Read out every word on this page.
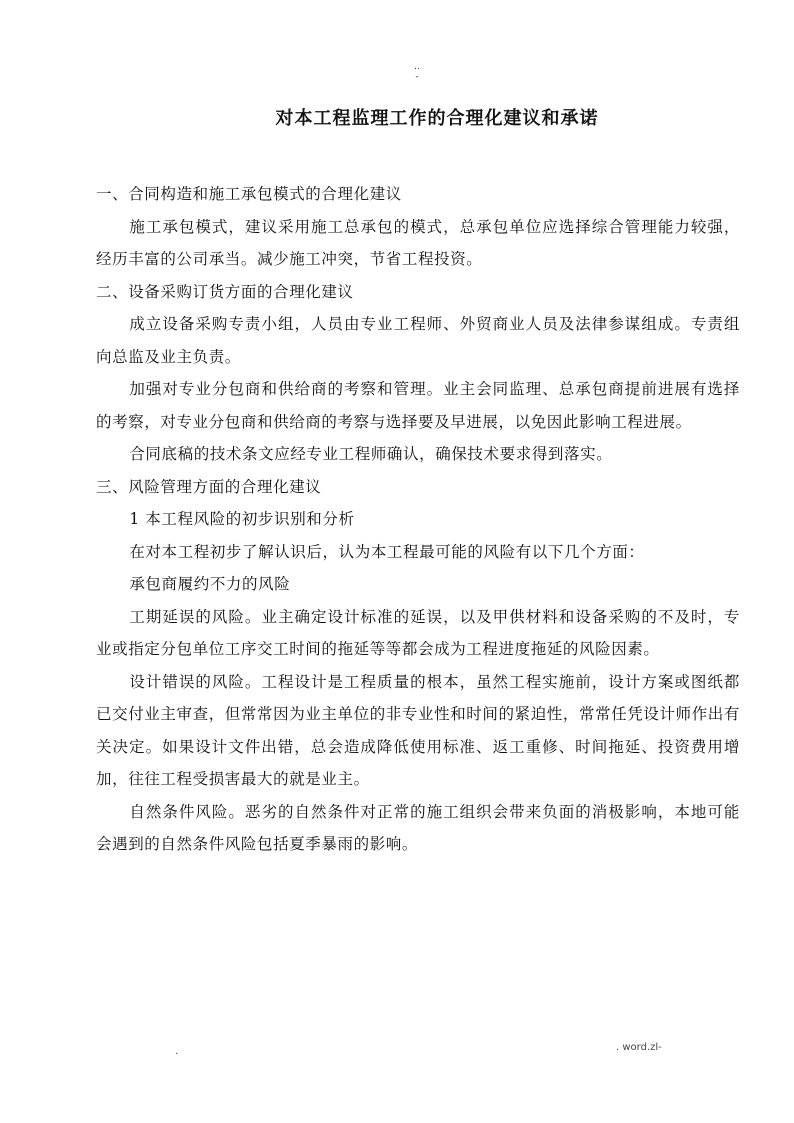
..
-
对本工程监理工作的合理化建议和承诺

一、合同构造和施工承包模式的合理化建议

施工承包模式，建议采用施工总承包的模式，总承包单位应选择综合管理能力较强，经历丰富的公司承当。减少施工冲突，节省工程投资。

二、设备采购订货方面的合理化建议

成立设备采购专责小组，人员由专业工程师、外贸商业人员及法律参谋组成。专责组向总监及业主负责。

加强对专业分包商和供给商的考察和管理。业主会同监理、总承包商提前进展有选择的考察，对专业分包商和供给商的考察与选择要及早进展，以免因此影响工程进展。

合同底稿的技术条文应经专业工程师确认，确保技术要求得到落实。

三、风险管理方面的合理化建议

1 本工程风险的初步识别和分析

在对本工程初步了解认识后，认为本工程最可能的风险有以下几个方面：

承包商履约不力的风险

工期延误的风险。业主确定设计标准的延误，以及甲供材料和设备采购的不及时，专业或指定分包单位工序交工时间的拖延等等都会成为工程进度拖延的风险因素。

设计错误的风险。工程设计是工程质量的根本，虽然工程实施前，设计方案或图纸都已交付业主审查，但常常因为业主单位的非专业性和时间的紧迫性，常常任凭设计师作出有关决定。如果设计文件出错，总会造成降低使用标准、返工重修、时间拖延、投资费用增加，往往工程受损害最大的就是业主。

自然条件风险。恶劣的自然条件对正常的施工组织会带来负面的消极影响，本地可能会遇到的自然条件风险包括夏季暴雨的影响。

.	. word.zl-
